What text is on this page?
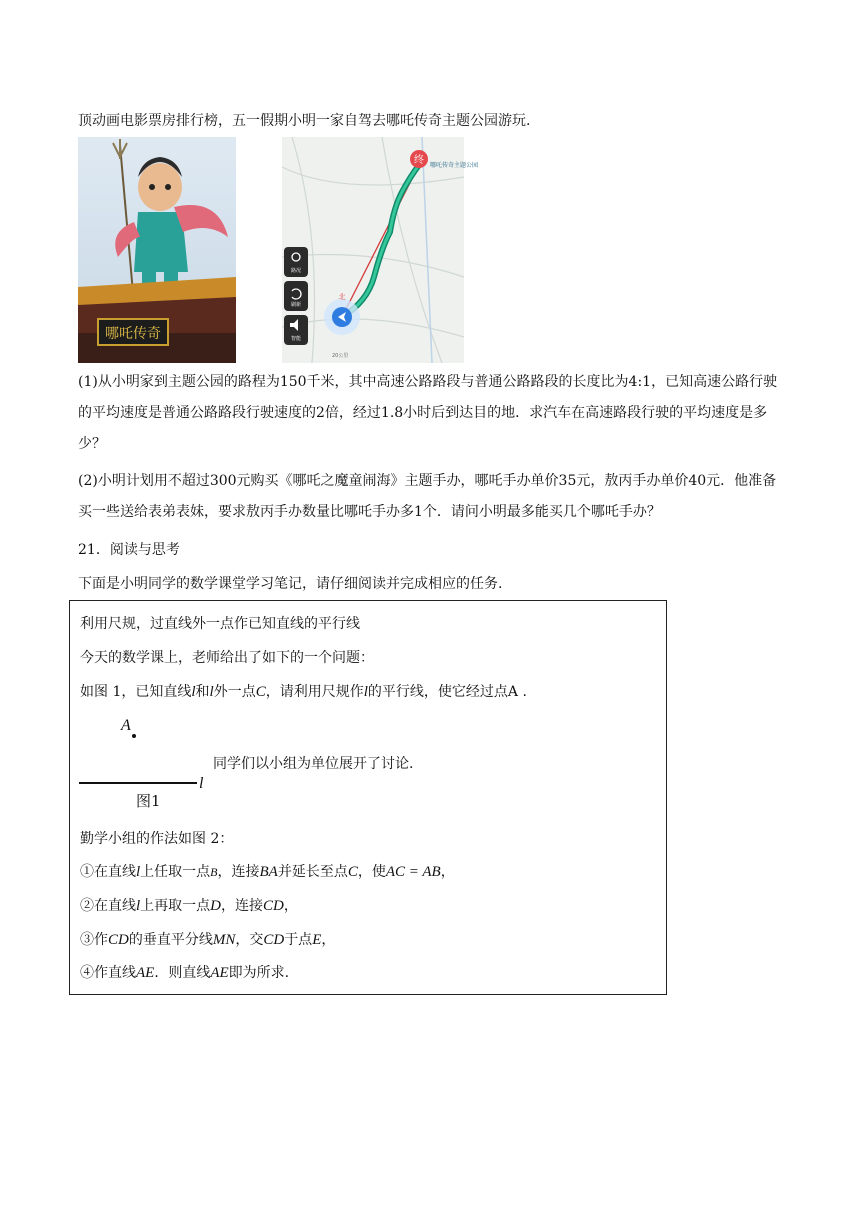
顶动画电影票房排行榜，五一假期小明一家自驾去哪吒传奇主题公园游玩.
哪吒传奇
终 哪吒传奇主题公园
北
路况
刷新
智能
20公里
(1)从小明家到主题公园的路程为150千米，其中高速公路路段与普通公路路段的长度比为4:1，已知高速公路行驶的平均速度是普通公路路段行驶速度的2倍，经过1.8小时后到达目的地．求汽车在高速路段行驶的平均速度是多少？
(2)小明计划用不超过300元购买《哪吒之魔童闹海》主题手办，哪吒手办单价35元，敖丙手办单价40元．他准备买一些送给表弟表妹，要求敖丙手办数量比哪吒手办多1个．请问小明最多能买几个哪吒手办？
21．阅读与思考
下面是小明同学的数学课堂学习笔记，请仔细阅读并完成相应的任务.
利用尺规，过直线外一点作已知直线的平行线
今天的数学课上，老师给出了如下的一个问题：
如图 1，已知直线l和l外一点C，请利用尺规作l的平行线，使它经过点A .
A
l
图1
同学们以小组为单位展开了讨论.
勤学小组的作法如图 2：
①在直线l上任取一点B，连接BA并延长至点C，使AC = AB，
②在直线l上再取一点D，连接CD，
③作CD的垂直平分线MN，交CD于点E，
④作直线AE．则直线AE即为所求.
